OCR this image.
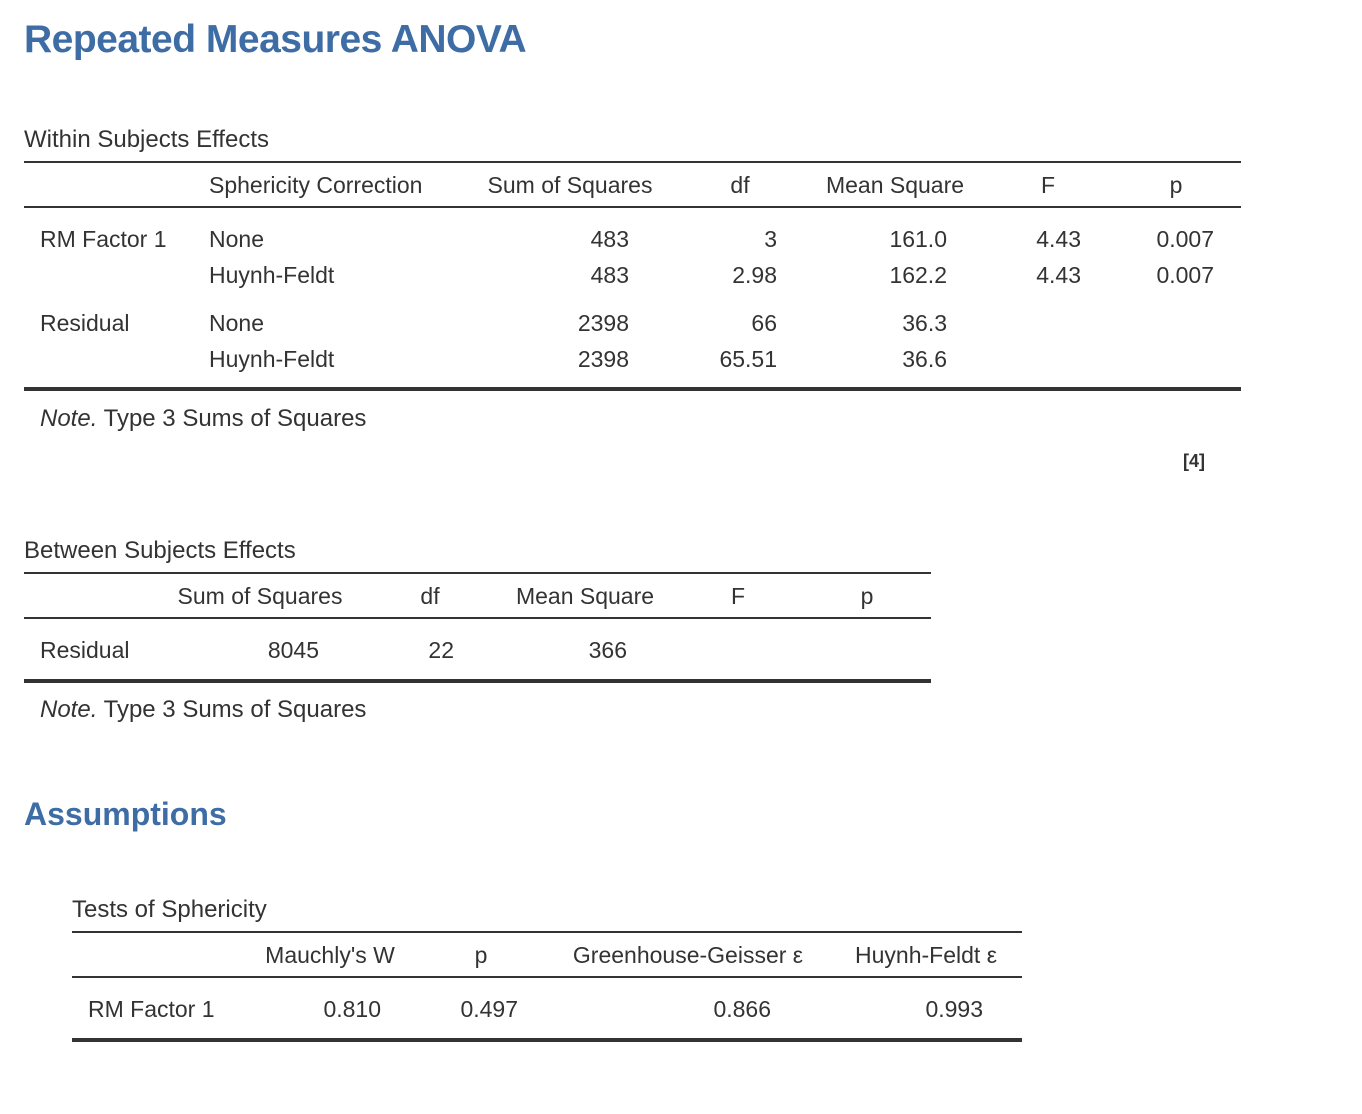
Repeated Measures ANOVA
Within Subjects Effects
Sphericity Correction	Sum of Squares	df	Mean Square	F	p
RM Factor 1 None	483	3	161.0	4.43	0.007
Huynh-Feldt	483	2.98	162.2	4.43	0.007
Residual	None	2398	66	36.3
Huynh-Feldt	2398	65.51	36.6
Note. Type 3 Sums of Squares
[4]
Between Subjects Effects
Sum of Squares	df	Mean Square	F	p
Residual	8045	22	366
Note. Type 3 Sums of Squares
Assumptions
Tests of Sphericity
Mauchly's W	p	Greenhouse-Geisser ε	Huynh-Feldt ε
RM Factor 1	0.810	0.497	0.866	0.993
